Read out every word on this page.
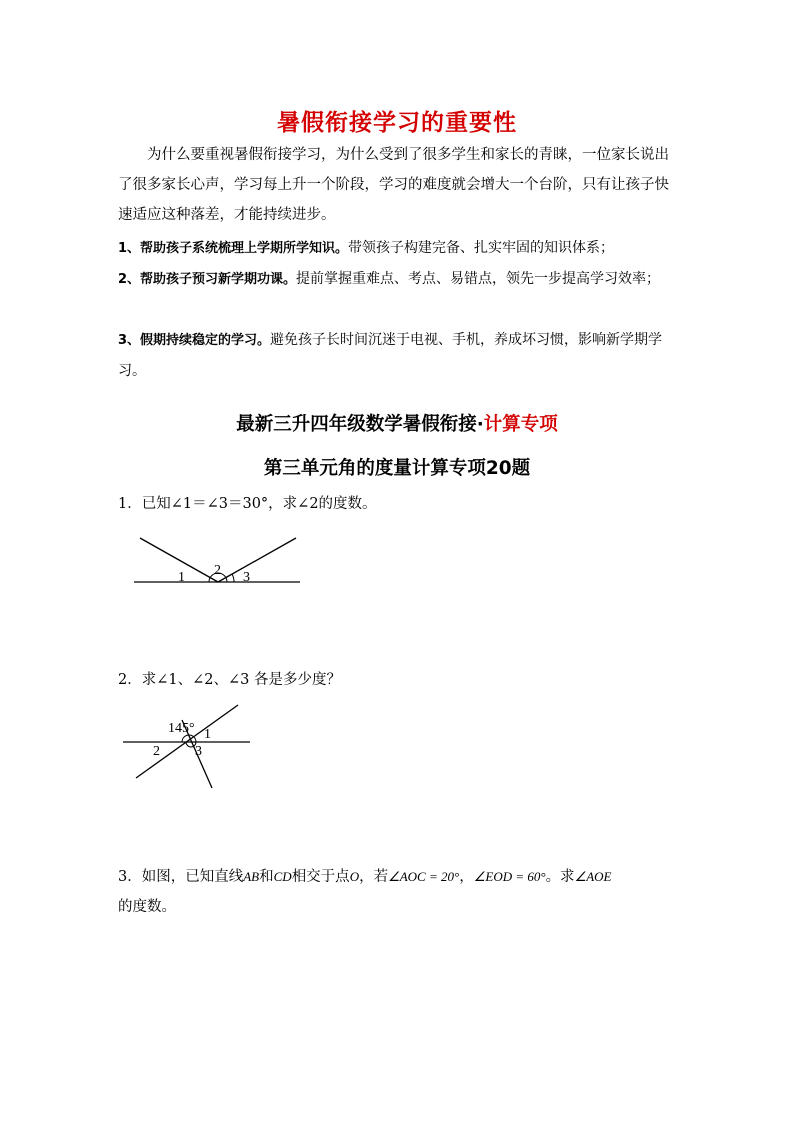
暑假衔接学习的重要性
为什么要重视暑假衔接学习，为什么受到了很多学生和家长的青睐，一位家长说出了很多家长心声，学习每上升一个阶段，学习的难度就会增大一个台阶，只有让孩子快速适应这种落差，才能持续进步。
1、帮助孩子系统梳理上学期所学知识。带领孩子构建完备、扎实牢固的知识体系；
2、帮助孩子预习新学期功课。提前掌握重难点、考点、易错点，领先一步提高学习效率；
3、假期持续稳定的学习。避免孩子长时间沉迷于电视、手机，养成坏习惯，影响新学期学习。
最新三升四年级数学暑假衔接·计算专项
第三单元角的度量计算专项20题
1．已知∠1＝∠3＝30°，求∠2的度数。
1 2 3
2．求∠1、∠2、∠3 各是多少度？
145° 1
2	3
3．如图，已知直线AB和CD相交于点O，若∠AOC = 20°，∠EOD = 60°。求∠AOE
的度数。
